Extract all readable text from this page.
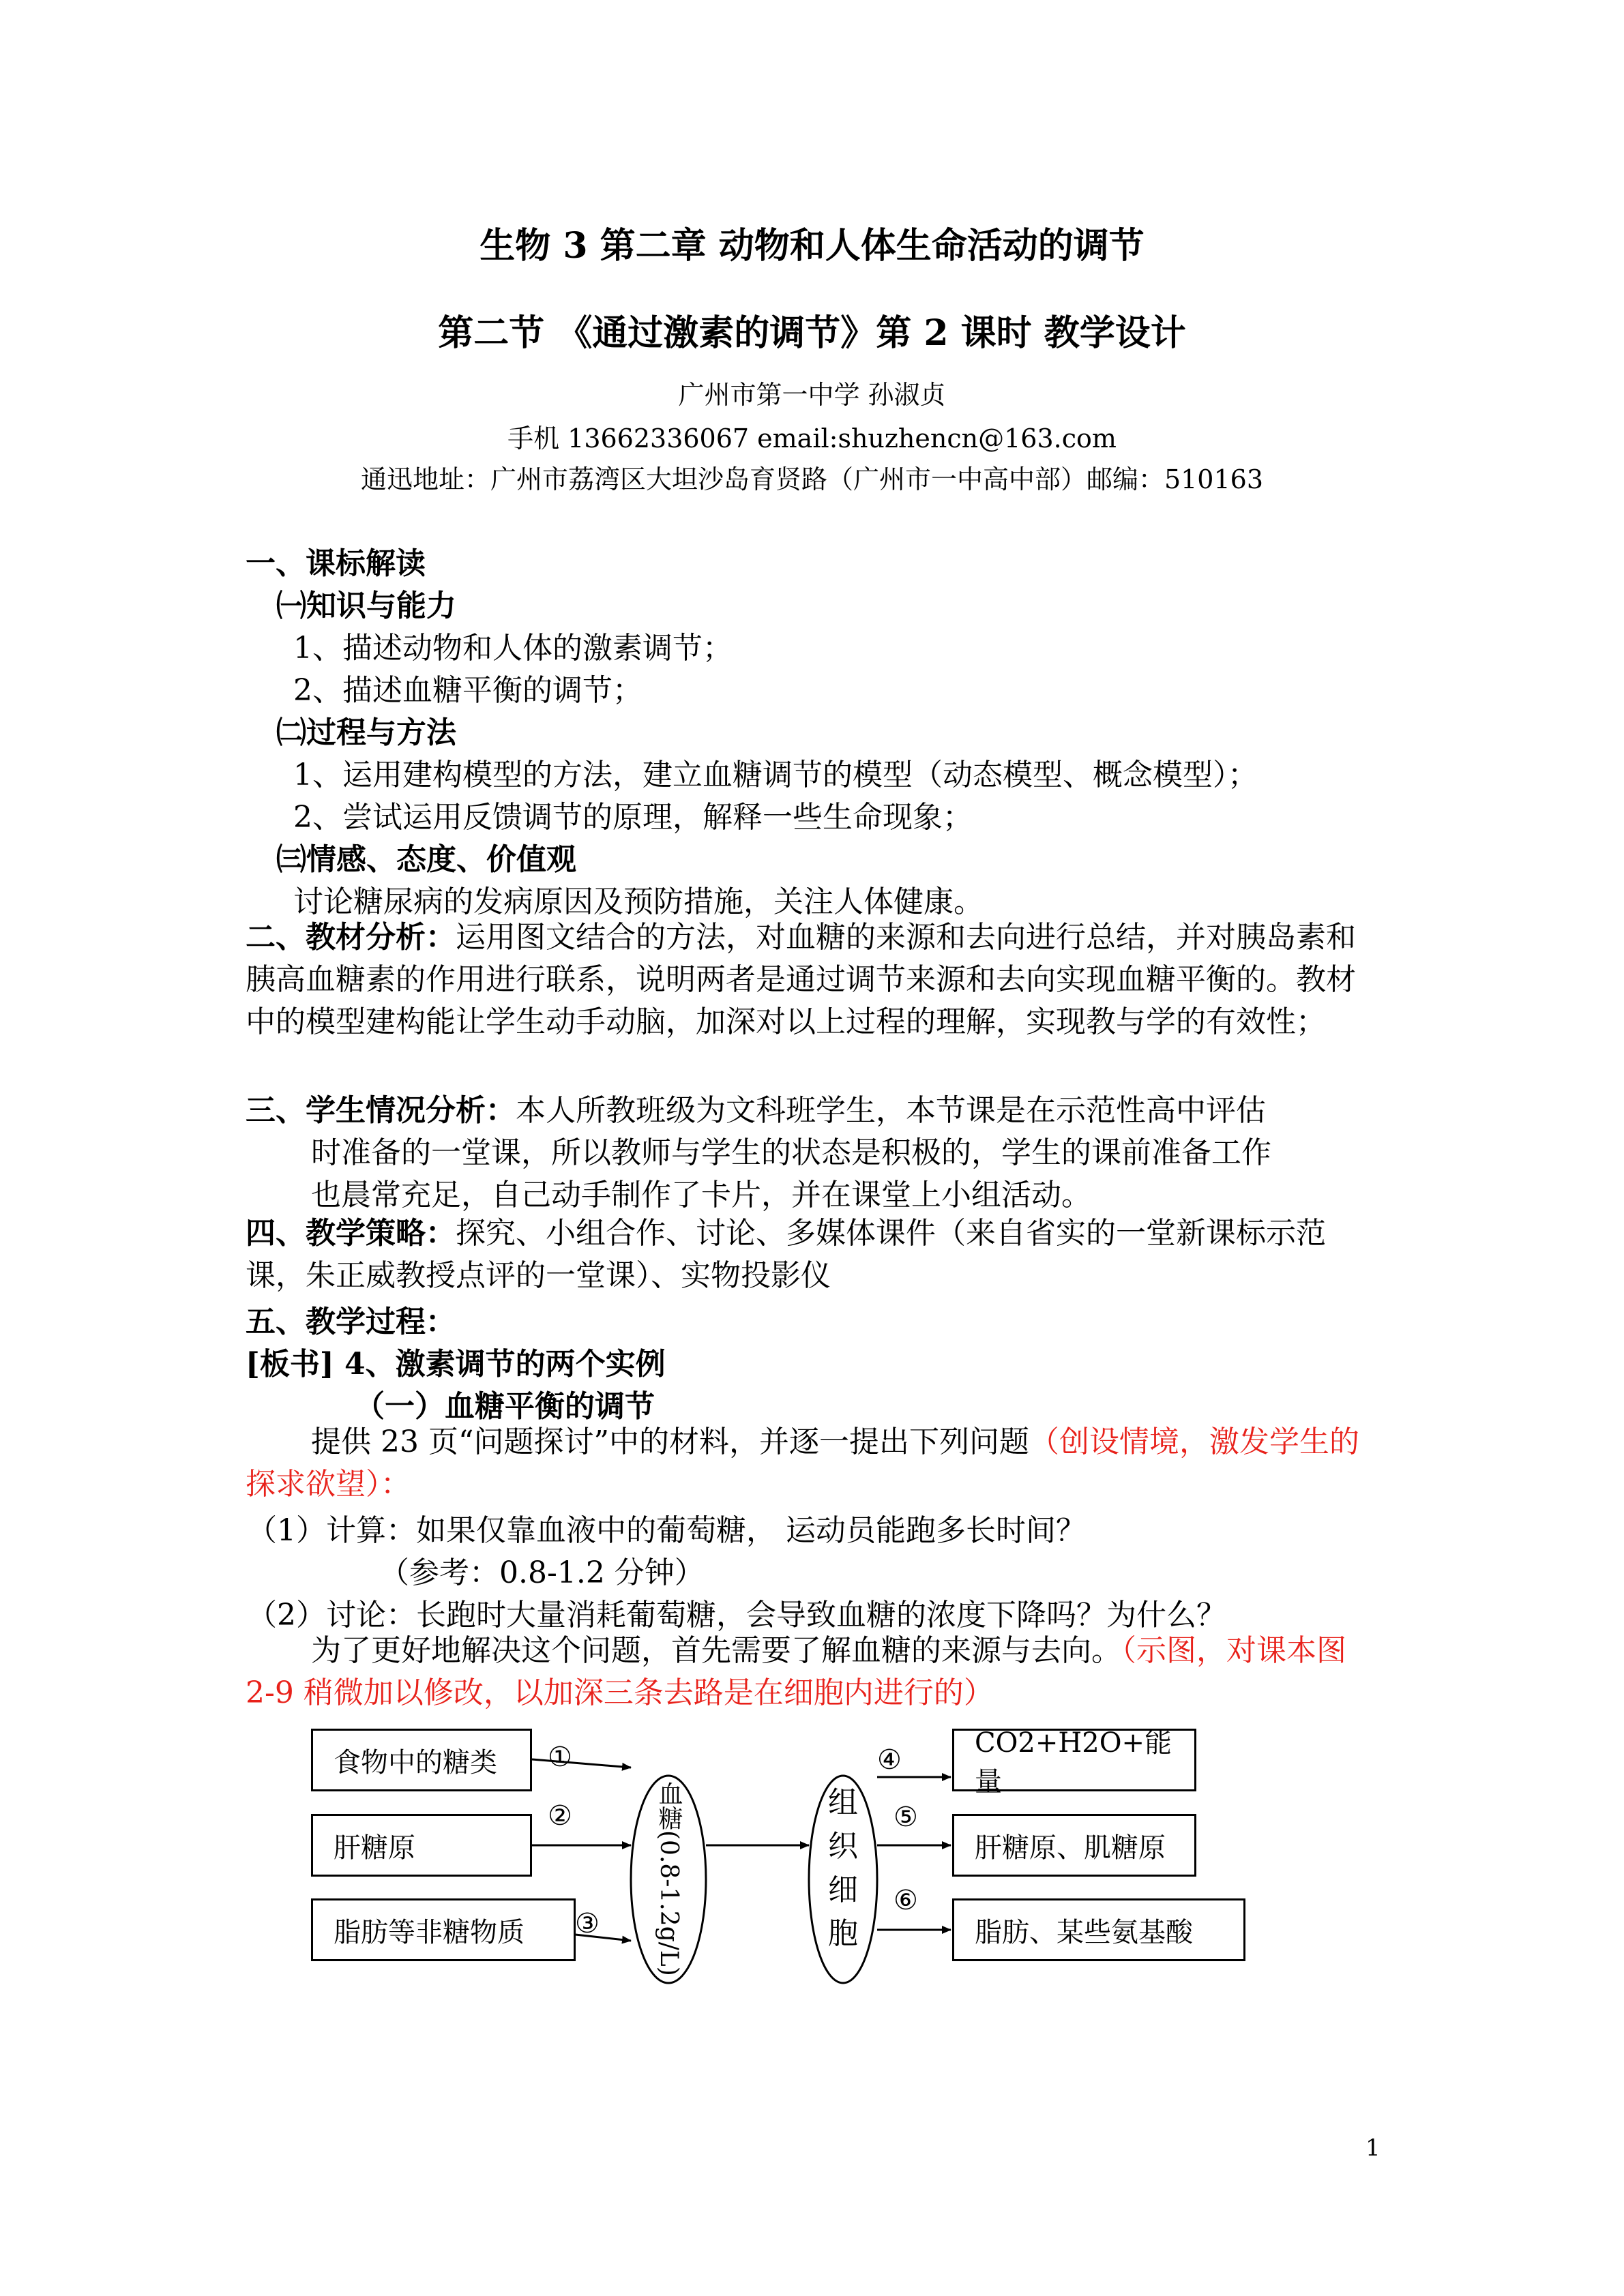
生物 3 第二章 动物和人体生命活动的调节
第二节 《通过激素的调节》第 2 课时 教学设计
广州市第一中学 孙淑贞
手机 13662336067 email:shuzhencn@163.com
通迅地址：广州市荔湾区大坦沙岛育贤路（广州市一中高中部）邮编：510163
一、课标解读
㈠知识与能力
1、描述动物和人体的激素调节；
2、描述血糖平衡的调节；
㈡过程与方法
1、运用建构模型的方法，建立血糖调节的模型（动态模型、概念模型）；
2、尝试运用反馈调节的原理，解释一些生命现象；
㈢情感、态度、价值观
讨论糖尿病的发病原因及预防措施，关注人体健康。
二、教材分析：运用图文结合的方法，对血糖的来源和去向进行总结，并对胰岛素和胰高血糖素的作用进行联系，说明两者是通过调节来源和去向实现血糖平衡的。教材中的模型建构能让学生动手动脑，加深对以上过程的理解，实现教与学的有效性；
三、学生情况分析：本人所教班级为文科班学生，本节课是在示范性高中评估
时准备的一堂课，所以教师与学生的状态是积极的，学生的课前准备工作
也晨常充足，自己动手制作了卡片，并在课堂上小组活动。
四、教学策略：探究、小组合作、讨论、多媒体课件（来自省实的一堂新课标示范课，朱正威教授点评的一堂课）、实物投影仪
五、教学过程：
[板书] 4、激素调节的两个实例
（一）血糖平衡的调节
提供 23 页“问题探讨”中的材料，并逐一提出下列问题（创设情境，激发学生的探求欲望）：
（1）计算：如果仅靠血液中的葡萄糖， 运动员能跑多长时间？
（参考：0.8-1.2 分钟）
（2）讨论：长跑时大量消耗葡萄糖，会导致血糖的浓度下降吗？为什么？
为了更好地解决这个问题，首先需要了解血糖的来源与去向。（示图，对课本图 2-9 稍微加以修改，以加深三条去路是在细胞内进行的）
食物中的糖类
肝糖原
脂肪等非糖物质
①
②
③ 血糖(0.8-1.2g/L)	组
织
细
胞
④
⑤
⑥
CO2+H2O+能量
肝糖原、肌糖原
脂肪、某些氨基酸
1
